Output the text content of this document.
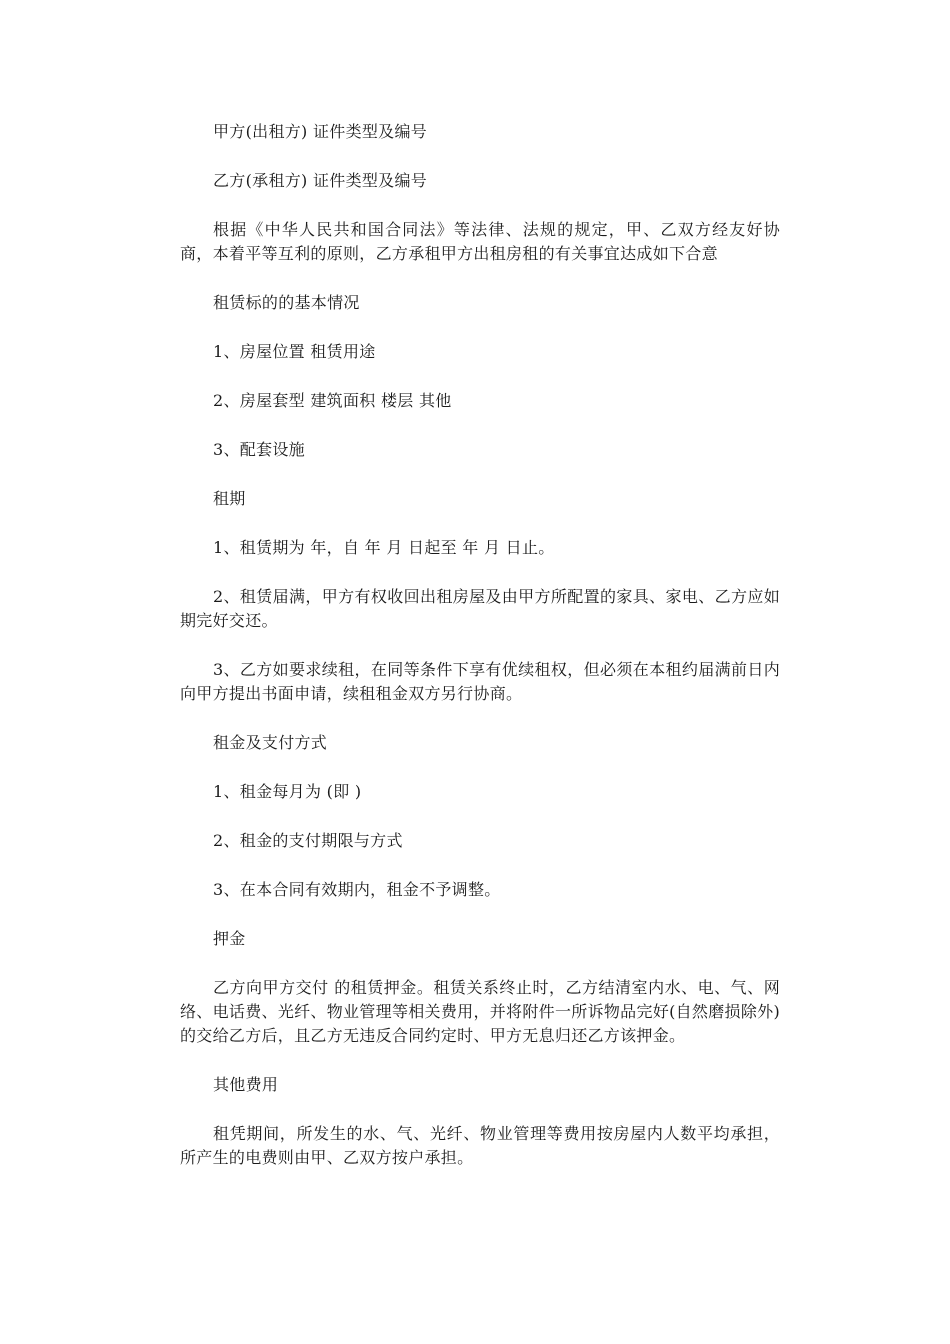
甲方(出租方) 证件类型及编号

乙方(承租方) 证件类型及编号

根据《中华人民共和国合同法》等法律、法规的规定，甲、乙双方经友好协商，本着平等互利的原则，乙方承租甲方出租房租的有关事宜达成如下合意

租赁标的的基本情况

1、房屋位置 租赁用途

2、房屋套型 建筑面积 楼层 其他

3、配套设施

租期

1、租赁期为 年，自 年 月 日起至 年 月 日止。

2、租赁届满，甲方有权收回出租房屋及由甲方所配置的家具、家电、乙方应如期完好交还。

3、乙方如要求续租，在同等条件下享有优续租权，但必须在本租约届满前日内向甲方提出书面申请，续租租金双方另行协商。

租金及支付方式

1、租金每月为 (即 )

2、租金的支付期限与方式

3、在本合同有效期内，租金不予调整。

押金

乙方向甲方交付 的租赁押金。租赁关系终止时，乙方结清室内水、电、气、网络、电话费、光纤、物业管理等相关费用，并将附件一所诉物品完好(自然磨损除外)的交给乙方后，且乙方无违反合同约定时、甲方无息归还乙方该押金。

其他费用

租凭期间，所发生的水、气、光纤、物业管理等费用按房屋内人数平均承担，所产生的电费则由甲、乙双方按户承担。
